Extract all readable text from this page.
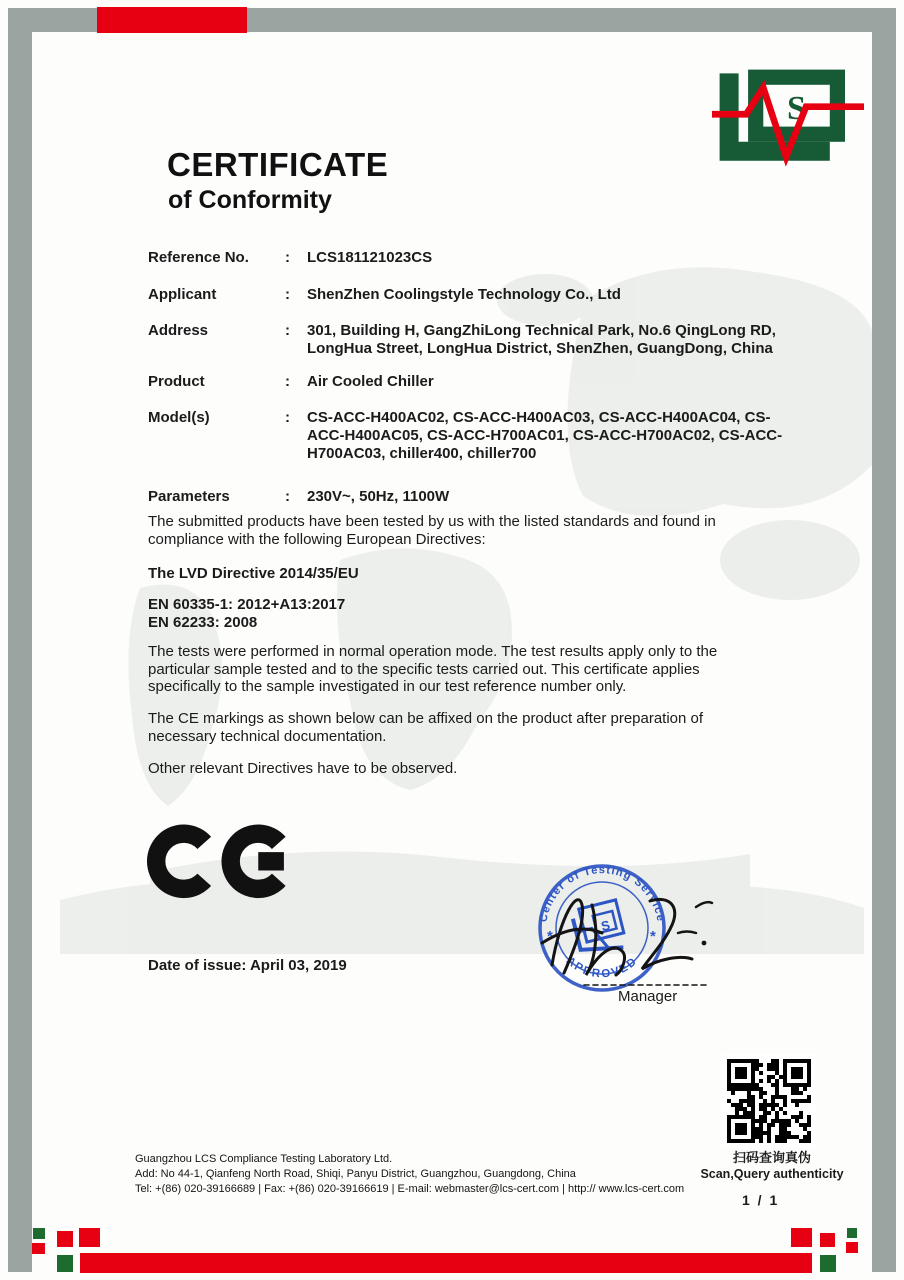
S
CERTIFICATE
of Conformity
Reference No.	:	LCS181121023CS
Applicant	:	ShenZhen Coolingstyle Technology Co., Ltd
Address	:	301, Building H, GangZhiLong Technical Park, No.6 QingLong RD, LongHua Street, LongHua District, ShenZhen, GuangDong, China
Product	:	Air Cooled Chiller
Model(s)	:	CS-ACC-H400AC02, CS-ACC-H400AC03, CS-ACC-H400AC04, CS-ACC-H400AC05, CS-ACC-H700AC01, CS-ACC-H700AC02, CS-ACC-H700AC03, chiller400, chiller700
Parameters	:	230V~, 50Hz, 1100W
The submitted products have been tested by us with the listed standards and found in compliance with the following European Directives:
The LVD Directive 2014/35/EU
EN 60335-1: 2012+A13:2017
EN 62233: 2008
The tests were performed in normal operation mode. The test results apply only to the particular sample tested and to the specific tests carried out. This certificate applies specifically to the sample investigated in our test reference number only.
The CE markings as shown below can be affixed on the product after preparation of necessary technical documentation.
Other relevant Directives have to be observed.
Date of issue: April 03, 2019
Center of Testing Service
APPROVED
*	*
S
Manager
扫码查询真伪
Scan,Query authenticity
Guangzhou LCS Compliance Testing Laboratory Ltd.
Add: No 44-1, Qianfeng North Road, Shiqi, Panyu District, Guangzhou, Guangdong, China
Tel: +(86) 020-39166689 | Fax: +(86) 020-39166619 | E-mail: webmaster@lcs-cert.com | http:// www.lcs-cert.com
1 / 1
